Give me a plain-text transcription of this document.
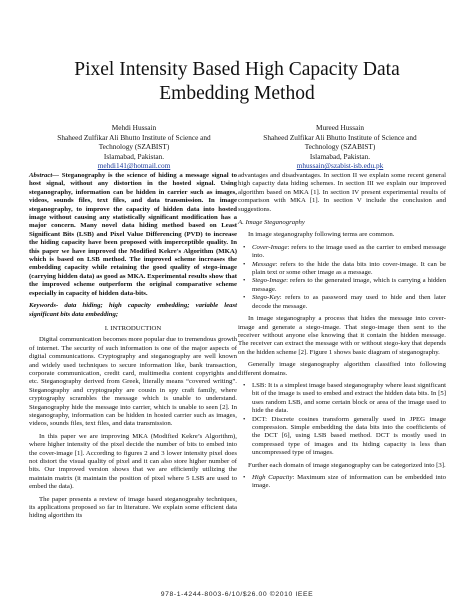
Pixel Intensity Based High Capacity Data
Embedding Method
Mehdi Hussain
Shaheed Zulfikar Ali Bhutto Institute of Science and
Technology (SZABIST)
Islamabad, Pakistan.
mehdi141@hotmail.com
Mureed Hussain
Shaheed Zulfikar Ali Bhutto Institute of Science and
Technology (SZABIST)
Islamabad, Pakistan.
mhussain@szabist-isb.edu.pk

Abstract— Steganography is the science of hiding a message signal to host signal, without any distortion in the hosted signal. Using steganography, information can be hidden in carrier such as images, videos, sounds files, text files, and data transmission. In image steganography, to improve the capacity of hidden data into hosted image without causing any statistically significant modification has a major concern. Many novel data hiding method based on Least Significant Bits (LSB) and Pixel Value Differencing (PVD) to increase the hiding capacity have been proposed with imperceptible quality. In this paper we have improved the Modified Kekre's Algorithm (MKA) which is based on LSB method. The improved scheme increases the embedding capacity while retaining the good quality of stego-image (carrying hidden data) as good as MKA. Experimental results show that the improved scheme outperform the original comparative scheme especially in capacity of hidden data-bits.

Keywords- data hiding; high capacity embedding; variable least significant bits data embedding;

I. INTRODUCTION

Digital communication becomes more popular due to tremendous growth of internet. The security of such information is one of the major aspects of digital communications. Cryptography and steganography are well known and widely used techniques to secure information like, bank transaction, corporate communication, credit card, multimedia content copyrights and etc. Steganography derived from Greek, literally means “covered writing”. Steganography and cryptography are cousin in spy craft family, where cryptography scrambles the message which is unable to understand. Steganography hide the message into carrier, which is unable to seen [2]. In steganography, information can be hidden in hosted carrier such as images, videos, sounds files, text files, and data transmission.

In this paper we are improving MKA (Modified Kekre’s Algorithm), where higher intensity of the pixel decide the number of bits to embed into the cover-image [1]. According to figures 2 and 3 lower intensity pixel does not distort the visual quality of pixel and it can also store higher number of bits. Our improved version shows that we are efficiently utilizing the maintain matrix (it maintain the position of pixel where 5 LSB are used to embed the data).

The paper presents a review of image based steganogprahy techniques, its applications proposed so far in literature. We explain some efficient data hiding algorithm its

advantages and disadvantages. In section II we explain some recent general high capacity data hiding schemes. In section III we explain our improved algorithm based on MKA [1]. In section IV present experimental results of comparison with MKA [1]. In section V include the conclusion and suggestions.

A. Image Steganography

In image steganography following terms are common.

• Cover-Image: refers to the image used as the carrier to embed message into.
• Message: refers to the hide the data bits into cover-image. It can be plain text or some other image as a message.
• Stego-Image: refers to the generated image, which is carrying a hidden message.
• Stego-Key: refers to as password may used to hide and then later decode the message.

In image steganography a process that hides the message into cover-image and generate a stego-image. That stego-image then sent to the receiver without anyone else knowing that it contain the hidden message. The receiver can extract the message with or without stego-key that depends on the hidden scheme [2]. Figure 1 shows basic diagram of steganography.

Generally image steganography algorithm classified into following different domains.

• LSB: It is a simplest image based steganography where least significant bit of the image is used to embed and extract the hidden data bits. In [5] uses random LSB, and some certain block or area of the image used to hide the data.
• DCT: Discrete cosines transform generally used in JPEG image compression. Simple embedding the data bits into the coefficients of the DCT [6], using LSB based method. DCT is mostly used in compressed type of images and its hiding capacity is less than uncompressed type of images.

Further each domain of image steganography can be categorized into [3].

• High Capacity: Maximum size of information can be embedded into image.
978-1-4244-8003-6/10/$26.00 ©2010 IEEE
